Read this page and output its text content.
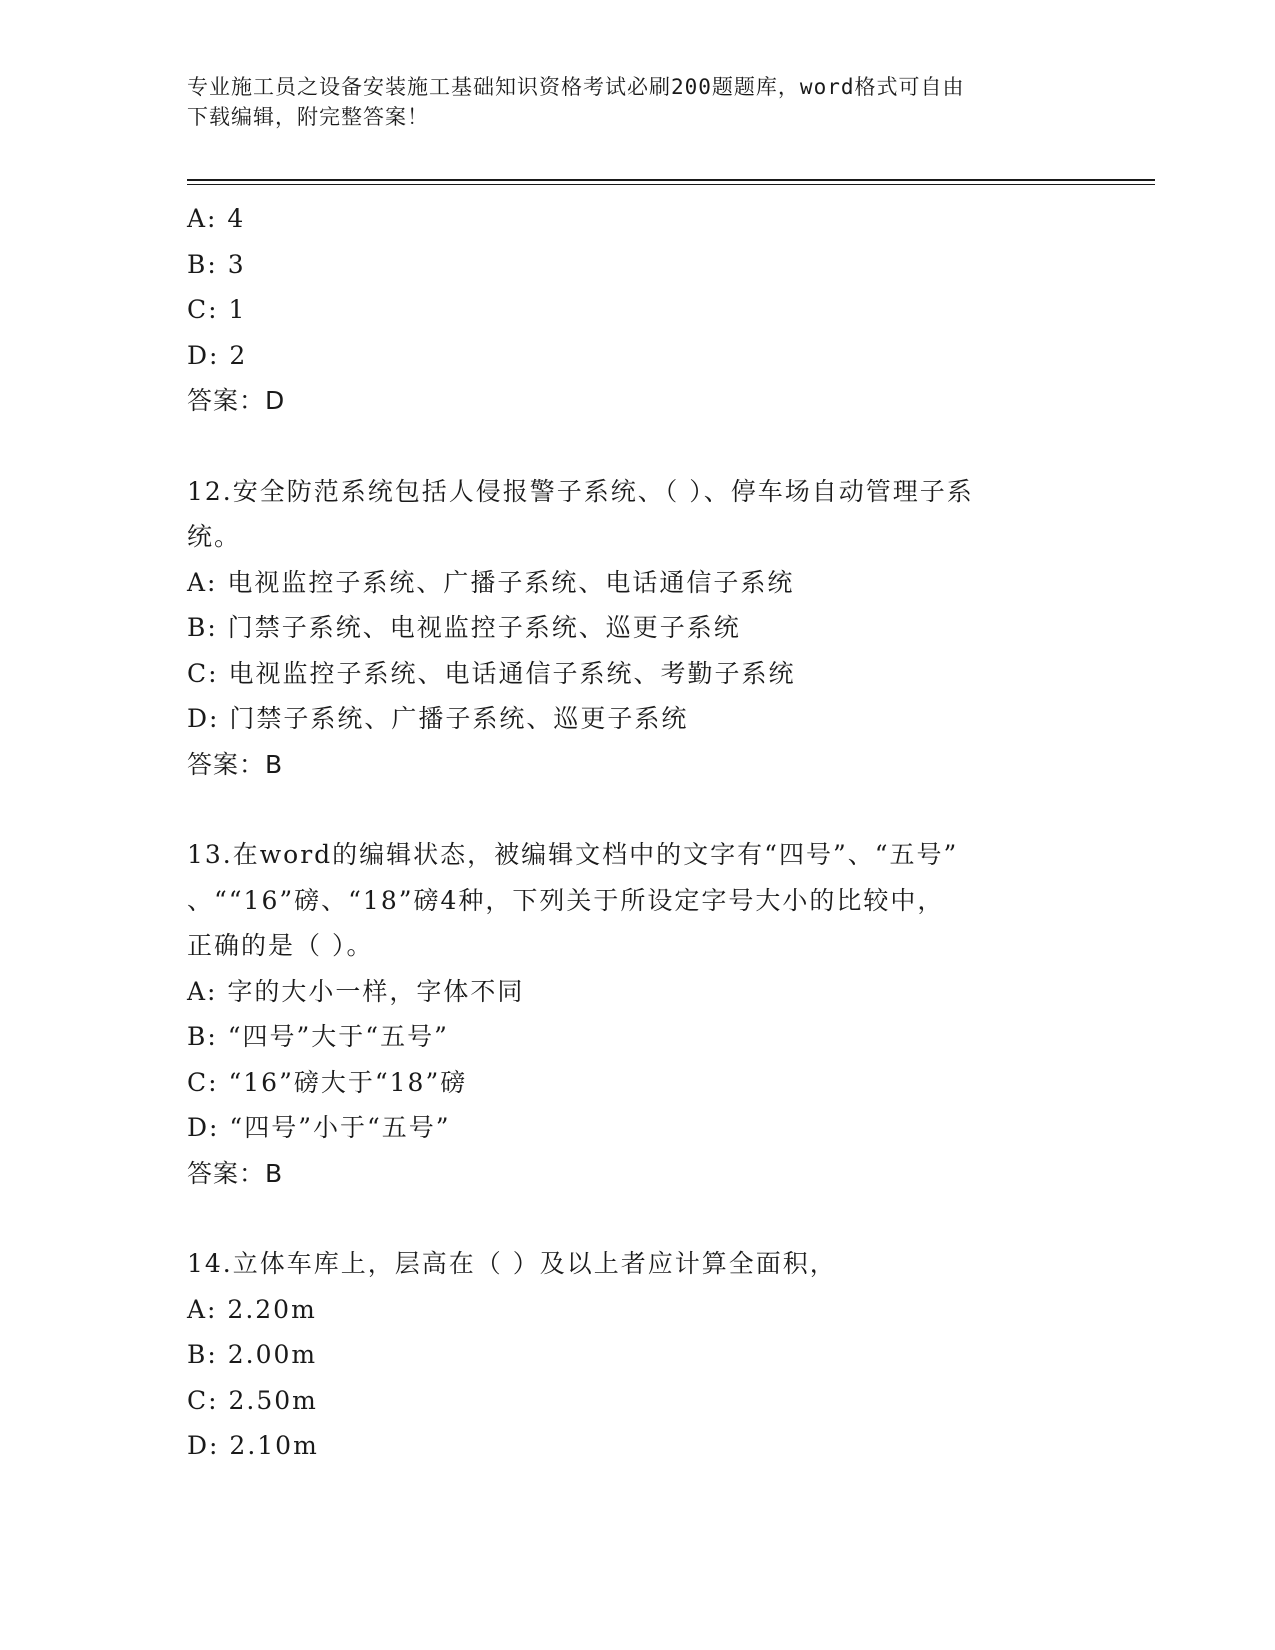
专业施工员之设备安装施工基础知识资格考试必刷200题题库，word格式可自由
下载编辑，附完整答案！
A: 4
B: 3
C: 1
D: 2
答案：D
12.安全防范系统包括人侵报警子系统、（ ）、停车场自动管理子系
统。
A: 电视监控子系统、广播子系统、电话通信子系统
B: 门禁子系统、电视监控子系统、巡更子系统
C: 电视监控子系统、电话通信子系统、考勤子系统
D: 门禁子系统、广播子系统、巡更子系统
答案：B
13.在word的编辑状态，被编辑文档中的文字有“四号”、“五号”
、““16”磅、“18”磅4种，下列关于所设定字号大小的比较中，
正确的是（ ）。
A: 字的大小一样，字体不同
B: “四号”大于“五号”
C: “16”磅大于“18”磅
D: “四号”小于“五号”
答案：B
14.立体车库上，层高在（ ）及以上者应计算全面积，
A: 2.20m
B: 2.00m
C: 2.50m
D: 2.10m
